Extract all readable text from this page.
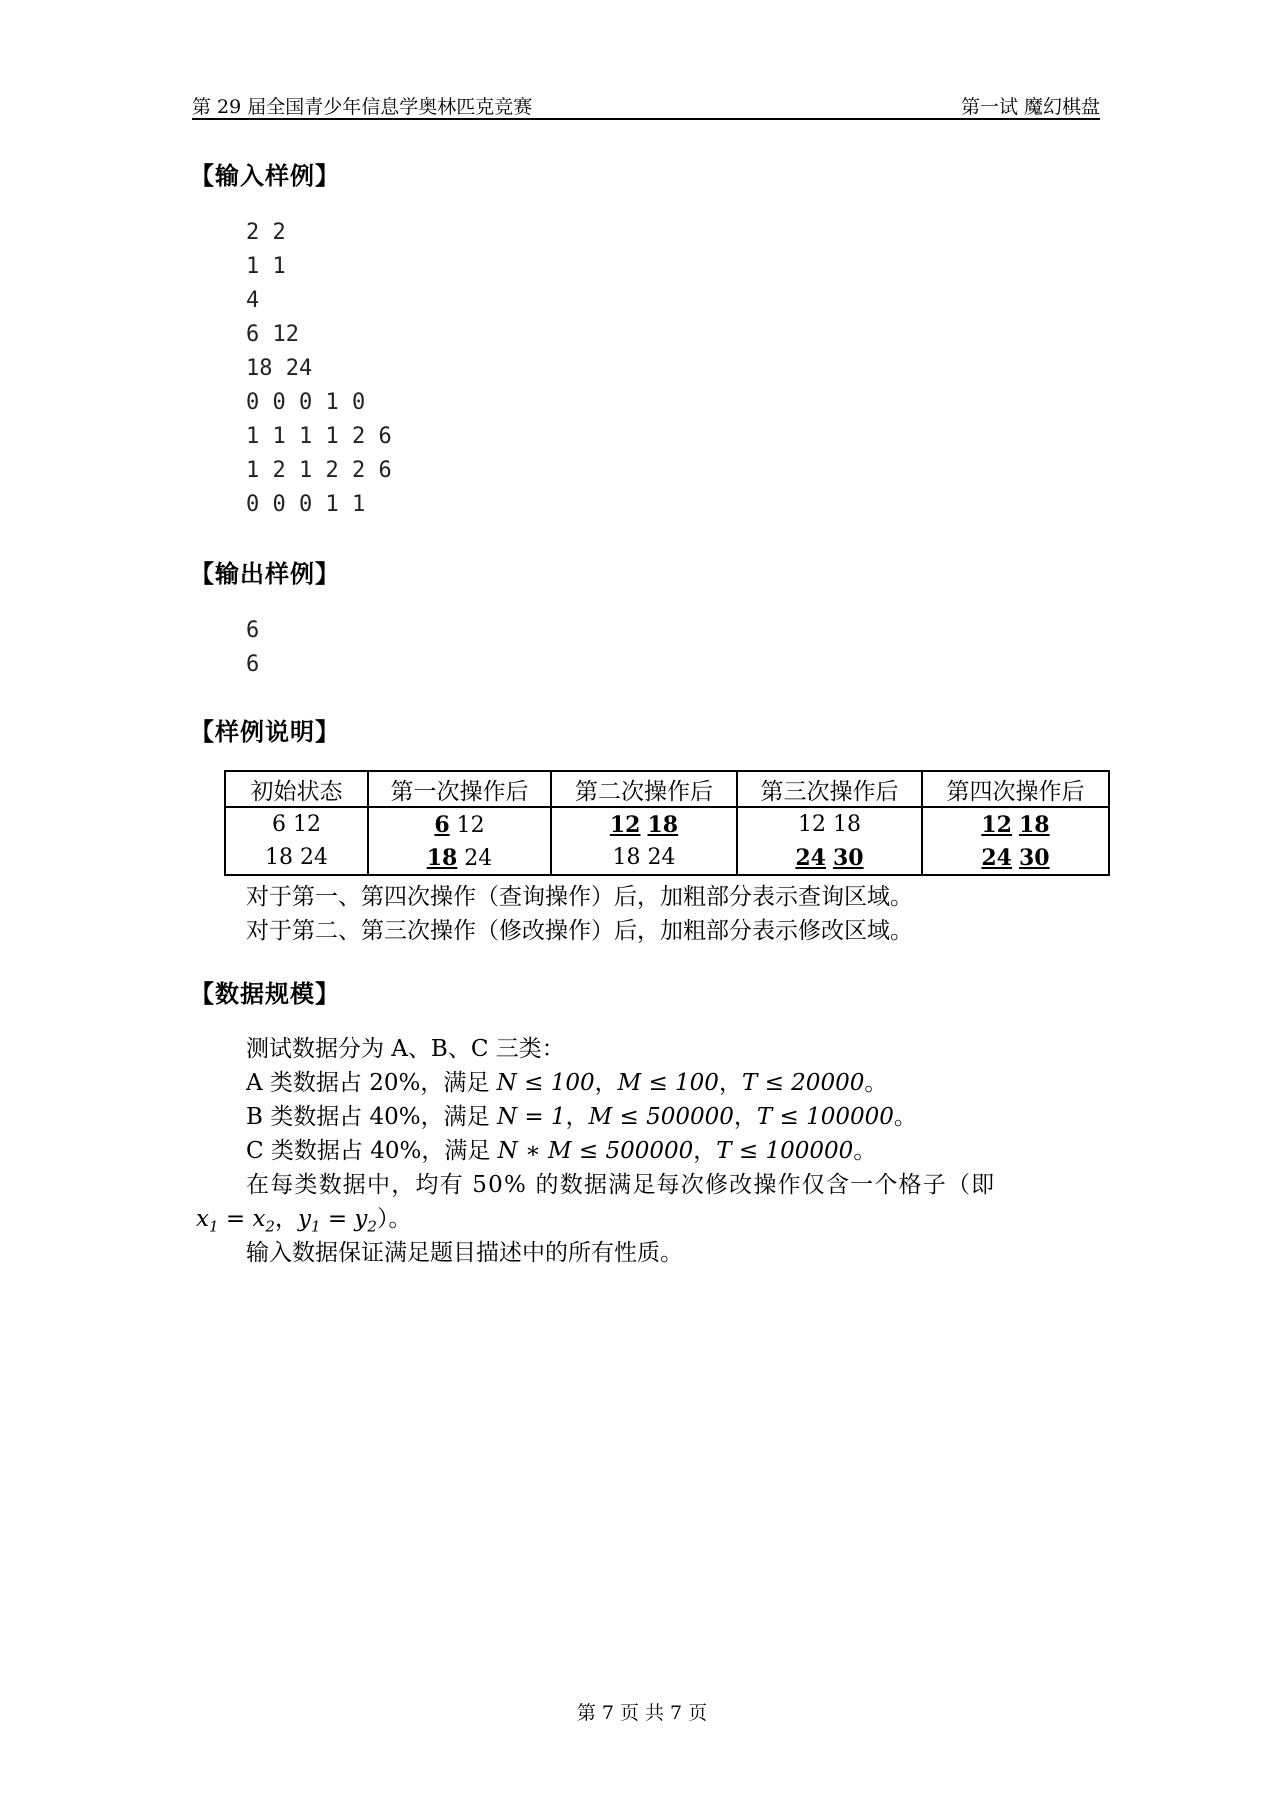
第 29 届全国青少年信息学奥林匹克竞赛	第一试 魔幻棋盘
【输入样例】
2 2
1 1
4
6 12
18 24
0 0 0 1 0
1 1 1 1 2 6
1 2 1 2 2 6
0 0 0 1 1
【输出样例】
6
6
【样例说明】
初始状态	第一次操作后	第二次操作后	第三次操作后	第四次操作后
6 12	6 12	12 18	12 18	12 18
18 24	18 24	18 24	24 30	24 30
对于第一、第四次操作（查询操作）后，加粗部分表示查询区域。
对于第二、第三次操作（修改操作）后，加粗部分表示修改区域。
【数据规模】
测试数据分为 A、B、C 三类：
A 类数据占 20%，满足 N ≤ 100，M ≤ 100，T ≤ 20000。
B 类数据占 40%，满足 N = 1，M ≤ 500000，T ≤ 100000。
C 类数据占 40%，满足 N ∗ M ≤ 500000，T ≤ 100000。
在每类数据中，均有 50% 的数据满足每次修改操作仅含一个格子（即
$x_1 = x_2$，$y_1 = y_2$）。
输入数据保证满足题目描述中的所有性质。
第 7 页 共 7 页
